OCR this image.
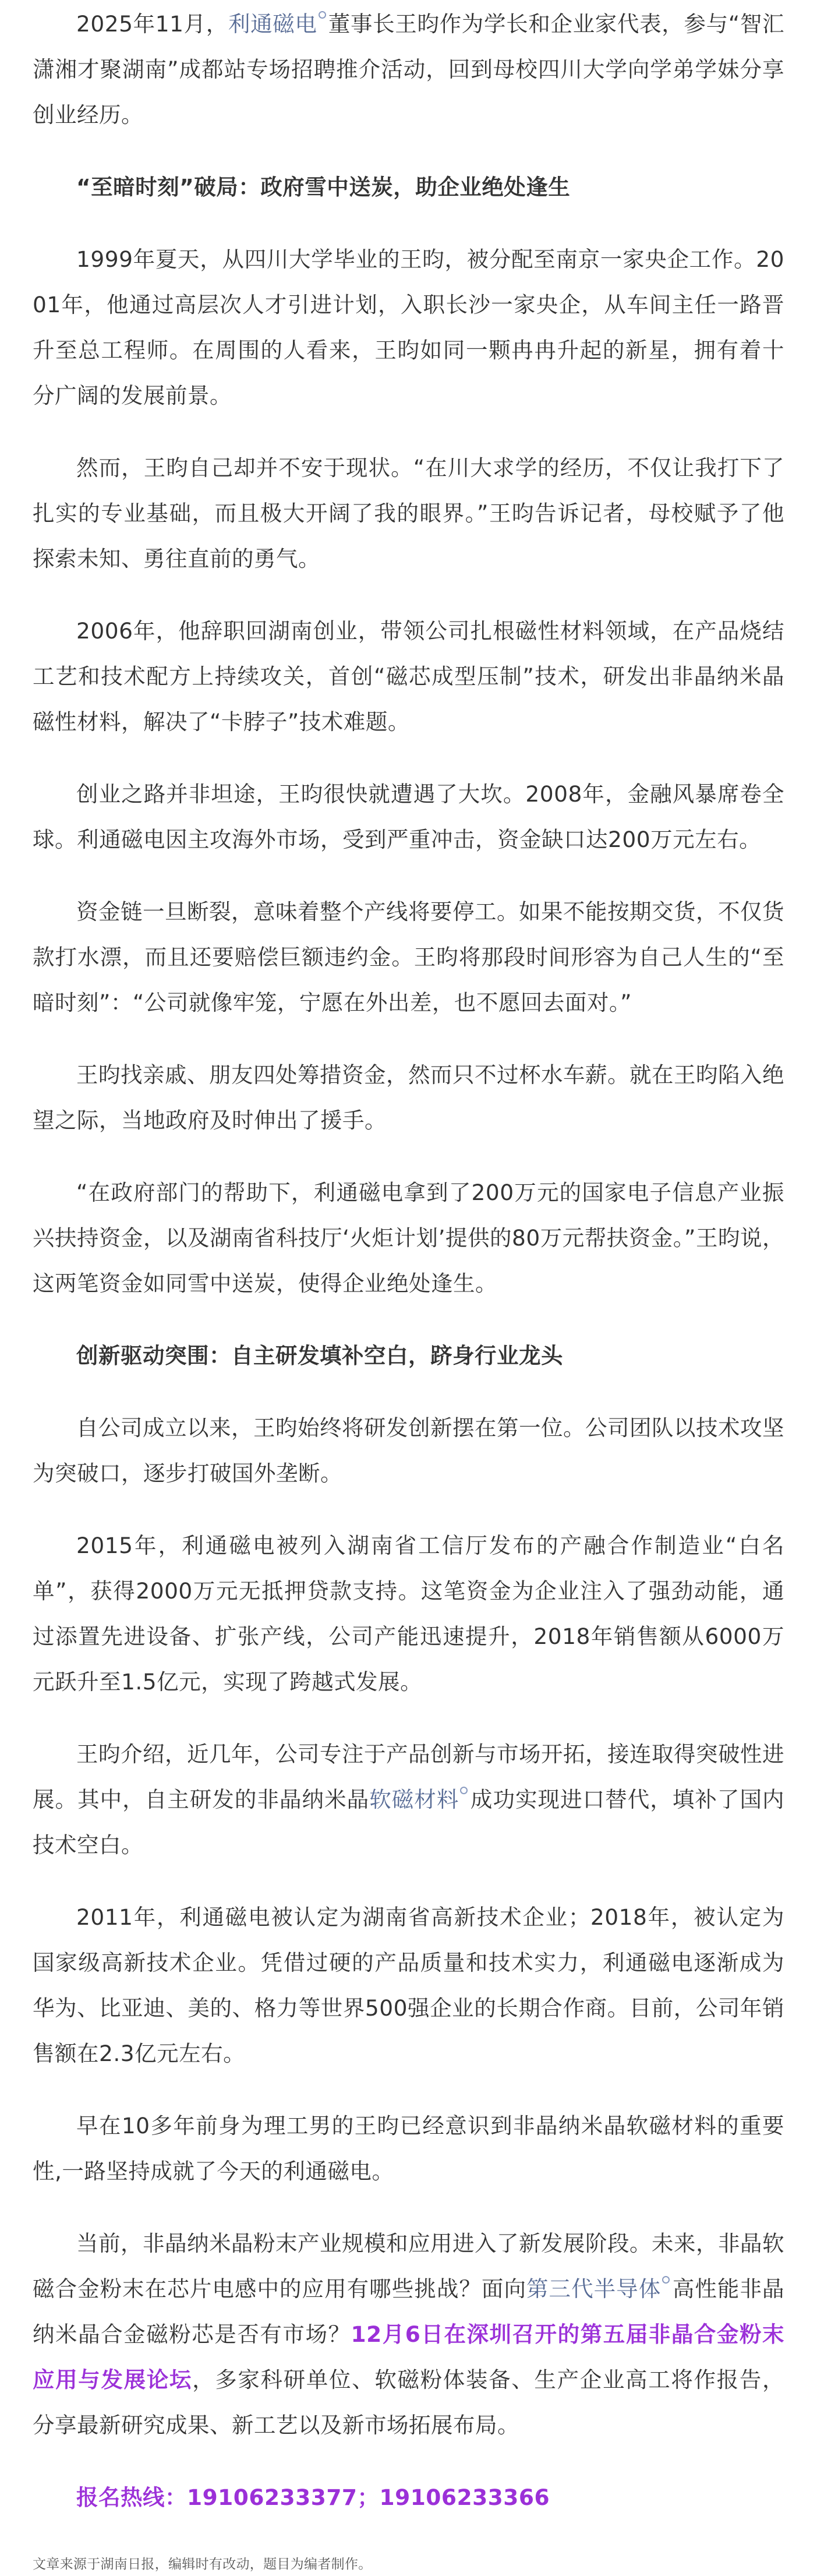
2025年11月，利通磁电 董事长王昀作为学长和企业家代表，参与“智汇潇湘才聚湖南”成都站专场招聘推介活动，回到母校四川大学向学弟学妹分享创业经历。

“至暗时刻”破局：政府雪中送炭，助企业绝处逢生

1999年夏天，从四川大学毕业的王昀，被分配至南京一家央企工作。2001年，他通过高层次人才引进计划，入职长沙一家央企，从车间主任一路晋升至总工程师。在周围的人看来，王昀如同一颗冉冉升起的新星，拥有着十分广阔的发展前景。

然而，王昀自己却并不安于现状。“在川大求学的经历，不仅让我打下了扎实的专业基础，而且极大开阔了我的眼界。”王昀告诉记者，母校赋予了他探索未知、勇往直前的勇气。

2006年，他辞职回湖南创业，带领公司扎根磁性材料领域，在产品烧结工艺和技术配方上持续攻关，首创“磁芯成型压制”技术，研发出非晶纳米晶磁性材料，解决了“卡脖子”技术难题。

创业之路并非坦途，王昀很快就遭遇了大坎。2008年，金融风暴席卷全球。利通磁电因主攻海外市场，受到严重冲击，资金缺口达200万元左右。

资金链一旦断裂，意味着整个产线将要停工。如果不能按期交货，不仅货款打水漂，而且还要赔偿巨额违约金。王昀将那段时间形容为自己人生的“至暗时刻”：“公司就像牢笼，宁愿在外出差，也不愿回去面对。”

王昀找亲戚、朋友四处筹措资金，然而只不过杯水车薪。就在王昀陷入绝望之际，当地政府及时伸出了援手。

“在政府部门的帮助下，利通磁电拿到了200万元的国家电子信息产业振兴扶持资金，以及湖南省科技厅‘火炬计划’提供的80万元帮扶资金。”王昀说，这两笔资金如同雪中送炭，使得企业绝处逢生。

创新驱动突围：自主研发填补空白，跻身行业龙头

自公司成立以来，王昀始终将研发创新摆在第一位。公司团队以技术攻坚为突破口，逐步打破国外垄断。

2015年，利通磁电被列入湖南省工信厅发布的产融合作制造业“白名单”，获得2000万元无抵押贷款支持。这笔资金为企业注入了强劲动能，通过添置先进设备、扩张产线，公司产能迅速提升，2018年销售额从6000万元跃升至1.5亿元，实现了跨越式发展。

王昀介绍，近几年，公司专注于产品创新与市场开拓，接连取得突破性进展。其中，自主研发的非晶纳米晶软磁材料 成功实现进口替代，填补了国内技术空白。

2011年，利通磁电被认定为湖南省高新技术企业；2018年，被认定为国家级高新技术企业。凭借过硬的产品质量和技术实力，利通磁电逐渐成为华为、比亚迪、美的、格力等世界500强企业的长期合作商。目前，公司年销售额在2.3亿元左右。

早在10多年前身为理工男的王昀已经意识到非晶纳米晶软磁材料的重要性,一路坚持成就了今天的利通磁电。

当前，非晶纳米晶粉末产业规模和应用进入了新发展阶段。未来，非晶软磁合金粉末在芯片电感中的应用有哪些挑战？面向第三代半导体 高性能非晶纳米晶合金磁粉芯是否有市场？12月6日在深圳召开的第五届非晶合金粉末应用与发展论坛，多家科研单位、软磁粉体装备、生产企业高工将作报告，分享最新研究成果、新工艺以及新市场拓展布局。

报名热线：19106233377；19106233366

文章来源于湖南日报，编辑时有改动，题目为编者制作。
